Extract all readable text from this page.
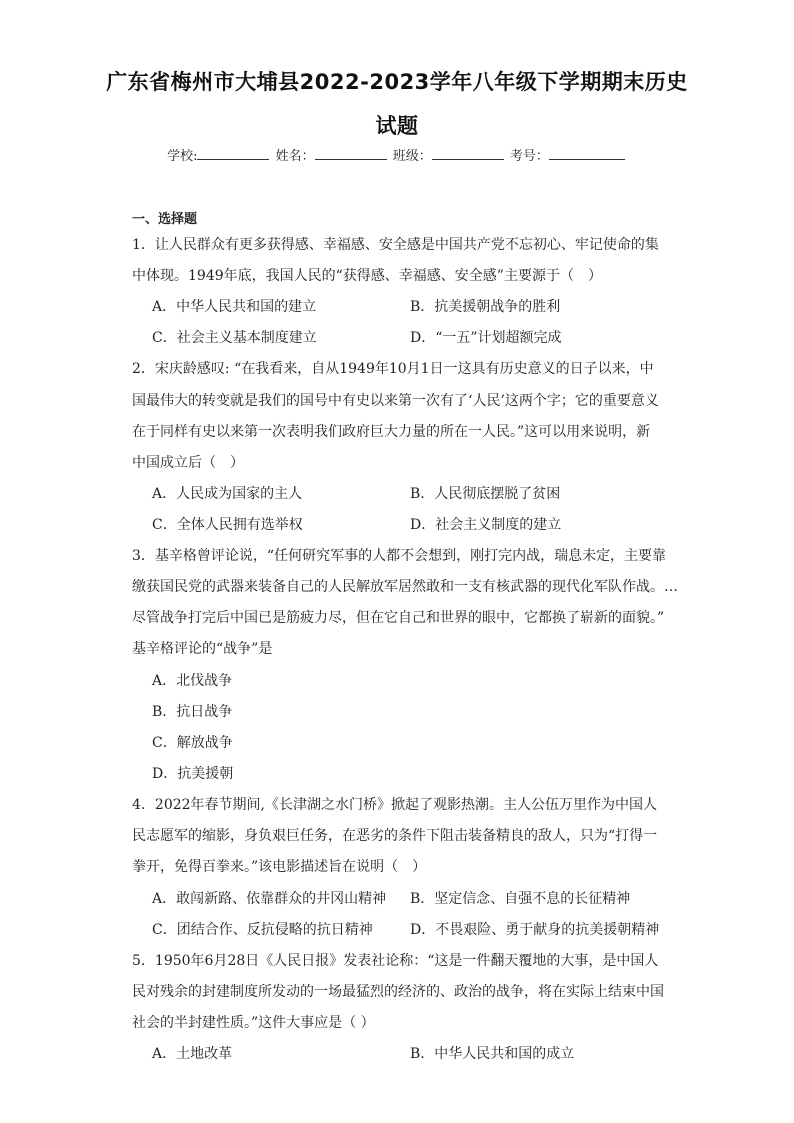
广东省梅州市大埔县2022-2023学年八年级下学期期末历史
试题
学校:	姓名：	班级：	考号：
一、选择题
1．让人民群众有更多获得感、幸福感、安全感是中国共产党不忘初心、牢记使命的集
中体现。1949年底，我国人民的“获得感、幸福感、安全感”主要源于（　）
A．中华人民共和国的建立	B．抗美援朝战争的胜利
C．社会主义基本制度建立	D．“一五”计划超额完成
2．宋庆龄感叹: “在我看来，自从1949年10月1日一这具有历史意义的日子以来，中
国最伟大的转变就是我们的国号中有史以来第一次有了‘人民’这两个字；它的重要意义
在于同样有史以来第一次表明我们政府巨大力量的所在一人民。”这可以用来说明，新
中国成立后（　）
A．人民成为国家的主人	B．人民彻底摆脱了贫困
C．全体人民拥有选举权	D．社会主义制度的建立
3．基辛格曾评论说，“任何研究军事的人都不会想到，刚打完内战，瑞息未定，主要靠
缴获国民党的武器来装备自己的人民解放军居然敢和一支有核武器的现代化军队作战。…
尽管战争打完后中国已是筋疲力尽，但在它自己和世界的眼中，它都换了崭新的面貌。”
基辛格评论的“战争”是
A．北伐战争
B．抗日战争
C．解放战争
D．抗美援朝
4．2022年春节期间,《长津湖之水门桥》掀起了观影热潮。主人公伍万里作为中国人
民志愿军的缩影，身负艰巨任务，在恶劣的条件下阻击装备精良的敌人，只为“打得一
拳开，免得百拳来。”该电影描述旨在说明（　）
A．敢闯新路、依靠群众的井冈山精神 B．坚定信念、自强不息的长征精神
C．团结合作、反抗侵略的抗日精神	D．不畏艰险、勇于献身的抗美援朝精神
5．1950年6月28日《人民日报》发表社论称：“这是一件翻天覆地的大事，是中国人
民对残余的封建制度所发动的一场最猛烈的经济的、政治的战争，将在实际上结束中国
社会的半封建性质。”这件大事应是（ ）
A．土地改革	B．中华人民共和国的成立
